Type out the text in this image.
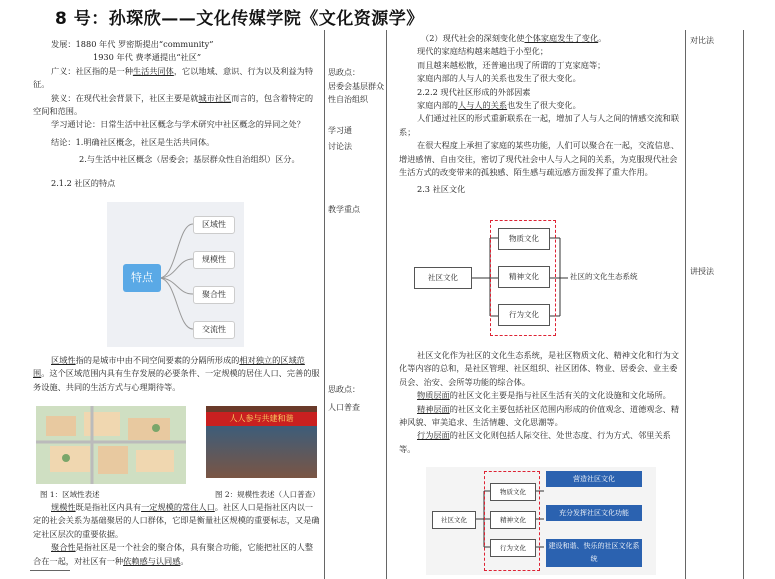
8 号：孙琛欣——文化传媒学院《文化资源学》

发展：1880 年代 罗密斯提出“community”

1930 年代 费孝通提出“社区”

广义：社区指的是一种生活共同体，它以地域、意识、行为以及利益为特征。

狭义：在现代社会背景下，社区主要是就城市社区而言的，包含着特定的空间和范围。

学习通讨论：日常生活中社区概念与学术研究中社区概念的异同之处？

结论：1.明确社区概念，社区是生活共同体。

2.与生活中社区概念（居委会；基层群众性自治组织）区分。

2.1.2 社区的特点

特点
区域性
规模性
聚合性
交流性

区域性指的是城市中由不同空间要素的分隔所形成的相对独立的区域范围。这个区域范围内具有生存发展的必要条件、一定规模的居住人口、完善的服务设施、共同的生活方式与心理期待等。

人人参与共建和谐
图 1：区域性表述	图 2：规模性表述（人口普查）

规模性既是指社区内具有一定规模的常住人口。社区人口是指社区内以一定的社会关系为基础聚居的人口群体，它即是衡量社区规模的重要标志，又是确定社区层次的重要依据。

聚合性是指社区是一个社会的聚合体，具有聚合功能，它能把社区的人整合在一起，对社区有一种依赖感与认同感。

思政点：
居委会基层群众性自治组织
学习通
讨论法
教学重点
思政点：
人口普查

（2）现代社会的深刻变化使个体家庭发生了变化。

现代的家庭结构越来越趋于小型化；

而且越来越松散，还普遍出现了所谓的丁克家庭等；

家庭内部的人与人的关系也发生了很大变化。

2.2.2 现代社区形成的外部因素

家庭内部的人与人的关系也发生了很大变化。

人们通过社区的形式重新联系在一起，增加了人与人之间的情感交流和联系；

在很大程度上承担了家庭的某些功能，人们可以聚合在一起，交流信息、增进感情、自由交往，密切了现代社会中人与人之间的关系，为克服现代社会生活方式的改变带来的孤独感、陌生感与疏远感方面发挥了重大作用。

2.3 社区文化

社区文化
物质文化
精神文化
行为文化
社区的文化生态系统

社区文化作为社区的文化生态系统，是社区物质文化、精神文化和行为文化等内容的总和，是社区管理、社区组织、社区团体、物业、居委会、业主委员会、治安、会所等功能的综合体。

物质层面的社区文化主要是指与社区生活有关的文化设施和文化场所。

精神层面的社区文化主要包括社区范围内形成的价值观念、道德观念、精神风貌、审美追求、生活情趣、文化思潮等。

行为层面的社区文化则包括人际交往、处世态度、行为方式、邻里关系等。

社区文化
物质文化
精神文化
行为文化
营造社区文化
充分发挥社区文化功能
建设和谐、快乐的社区文化系统
对比法
讲授法
